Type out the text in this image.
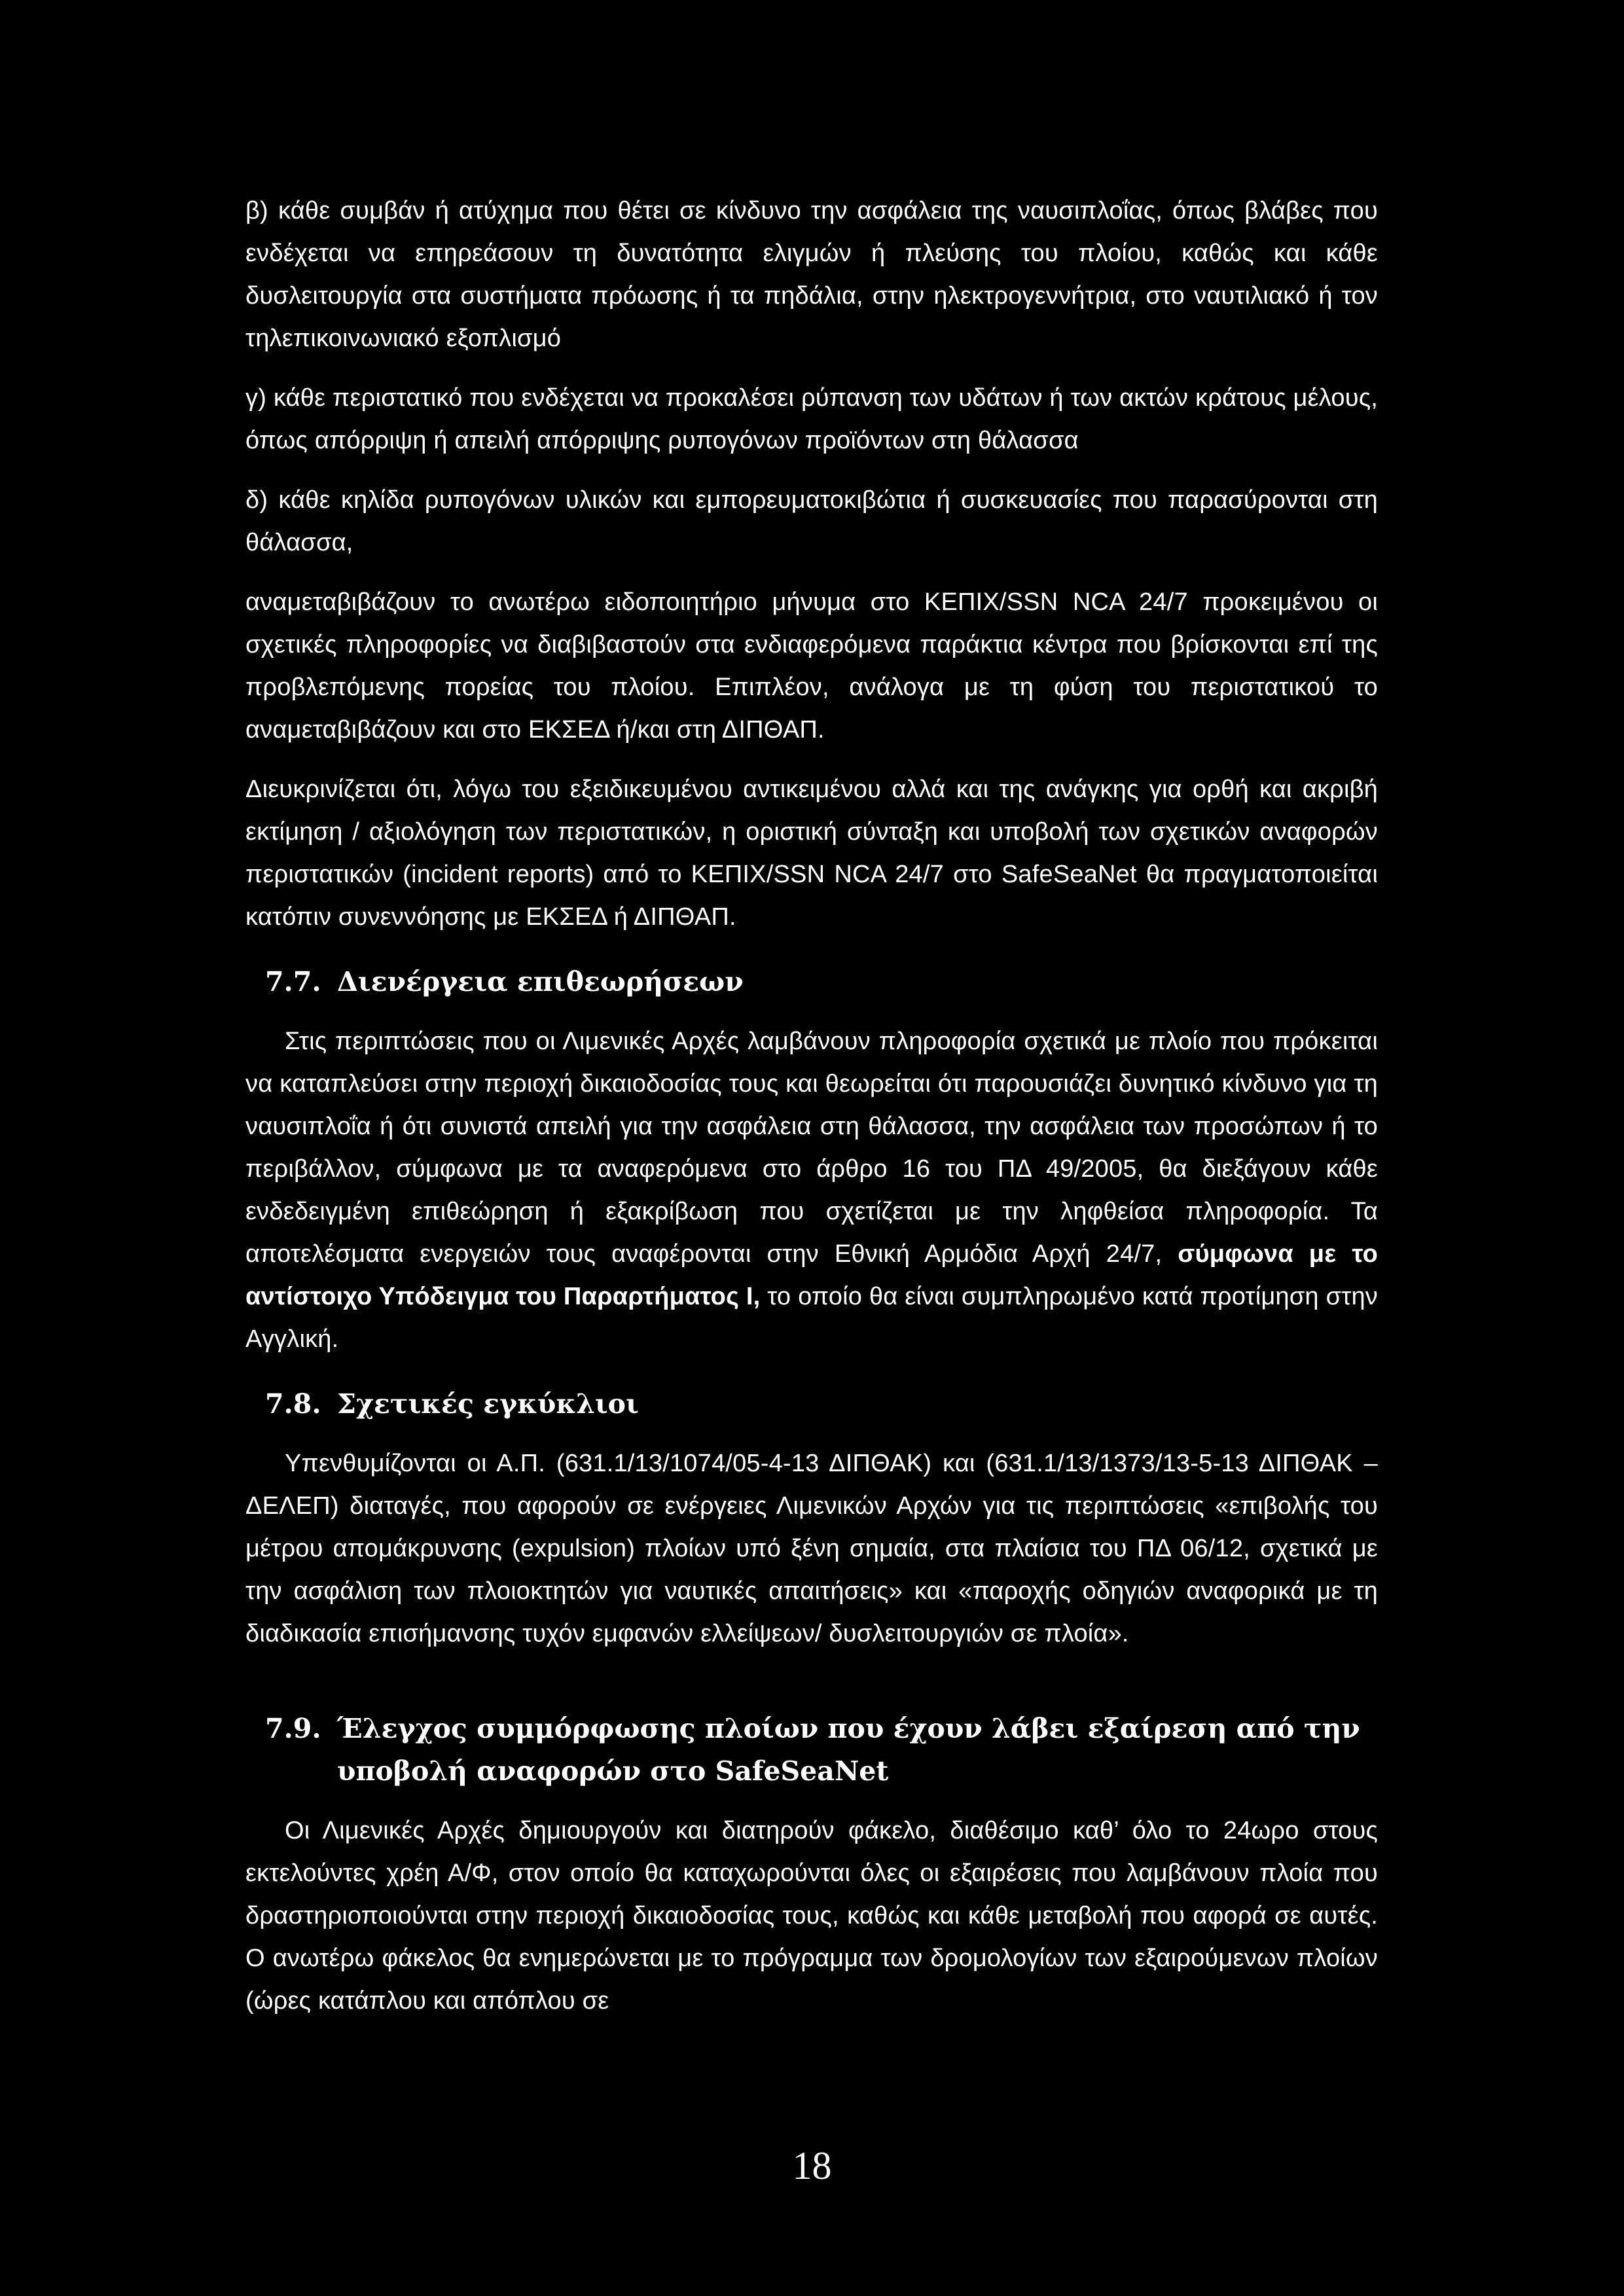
β) κάθε συμβάν ή ατύχημα που θέτει σε κίνδυνο την ασφάλεια της ναυσιπλοΐας, όπως βλάβες που ενδέχεται να επηρεάσουν τη δυνατότητα ελιγμών ή πλεύσης του πλοίου, καθώς και κάθε δυσλειτουργία στα συστήματα πρόωσης ή τα πηδάλια, στην ηλεκτρογεννήτρια, στο ναυτιλιακό ή τον τηλεπικοινωνιακό εξοπλισμό

γ) κάθε περιστατικό που ενδέχεται να προκαλέσει ρύπανση των υδάτων ή των ακτών κράτους μέλους, όπως απόρριψη ή απειλή απόρριψης ρυπογόνων προϊόντων στη θάλασσα

δ) κάθε κηλίδα ρυπογόνων υλικών και εμπορευματοκιβώτια ή συσκευασίες που παρασύρονται στη θάλασσα,

αναμεταβιβάζουν το ανωτέρω ειδοποιητήριο μήνυμα στο ΚΕΠΙΧ/SSN NCA 24/7 προκειμένου οι σχετικές πληροφορίες να διαβιβαστούν στα ενδιαφερόμενα παράκτια κέντρα που βρίσκονται επί της προβλεπόμενης πορείας του πλοίου. Επιπλέον, ανάλογα με τη φύση του περιστατικού το αναμεταβιβάζουν και στο ΕΚΣΕΔ ή/και στη ΔΙΠΘΑΠ.

Διευκρινίζεται ότι, λόγω του εξειδικευμένου αντικειμένου αλλά και της ανάγκης για ορθή και ακριβή εκτίμηση / αξιολόγηση των περιστατικών, η οριστική σύνταξη και υποβολή των σχετικών αναφορών περιστατικών (incident reports) από το ΚΕΠΙΧ/SSN NCA 24/7 στο SafeSeaNet θα πραγματοποιείται κατόπιν συνεννόησης με ΕΚΣΕΔ ή ΔΙΠΘΑΠ.

7.7. Διενέργεια επιθεωρήσεων

Στις περιπτώσεις που οι Λιμενικές Αρχές λαμβάνουν πληροφορία σχετικά με πλοίο που πρόκειται να καταπλεύσει στην περιοχή δικαιοδοσίας τους και θεωρείται ότι παρουσιάζει δυνητικό κίνδυνο για τη ναυσιπλοΐα ή ότι συνιστά απειλή για την ασφάλεια στη θάλασσα, την ασφάλεια των προσώπων ή το περιβάλλον, σύμφωνα με τα αναφερόμενα στο άρθρο 16 του ΠΔ 49/2005, θα διεξάγουν κάθε ενδεδειγμένη επιθεώρηση ή εξακρίβωση που σχετίζεται με την ληφθείσα πληροφορία. Τα αποτελέσματα ενεργειών τους αναφέρονται στην Εθνική Αρμόδια Αρχή 24/7, σύμφωνα με το αντίστοιχο Υπόδειγμα του Παραρτήματος Ι, το οποίο θα είναι συμπληρωμένο κατά προτίμηση στην Αγγλική.

7.8. Σχετικές εγκύκλιοι

Υπενθυμίζονται οι Α.Π. (631.1/13/1074/05-4-13 ΔΙΠΘΑΚ) και (631.1/13/1373/13-5-13 ΔΙΠΘΑΚ – ΔΕΛΕΠ) διαταγές, που αφορούν σε ενέργειες Λιμενικών Αρχών για τις περιπτώσεις «επιβολής του μέτρου απομάκρυνσης (expulsion) πλοίων υπό ξένη σημαία, στα πλαίσια του ΠΔ 06/12, σχετικά με την ασφάλιση των πλοιοκτητών για ναυτικές απαιτήσεις» και «παροχής οδηγιών αναφορικά με τη διαδικασία επισήμανσης τυχόν εμφανών ελλείψεων/ δυσλειτουργιών σε πλοία».

7.9. Έλεγχος συμμόρφωσης πλοίων που έχουν λάβει εξαίρεση από την υποβολή αναφορών στο SafeSeaNet

Οι Λιμενικές Αρχές δημιουργούν και διατηρούν φάκελο, διαθέσιμο καθ’ όλο το 24ωρο στους εκτελούντες χρέη Α/Φ, στον οποίο θα καταχωρούνται όλες οι εξαιρέσεις που λαμβάνουν πλοία που δραστηριοποιούνται στην περιοχή δικαιοδοσίας τους, καθώς και κάθε μεταβολή που αφορά σε αυτές. Ο ανωτέρω φάκελος θα ενημερώνεται με το πρόγραμμα των δρομολογίων των εξαιρούμενων πλοίων (ώρες κατάπλου και απόπλου σε

18
